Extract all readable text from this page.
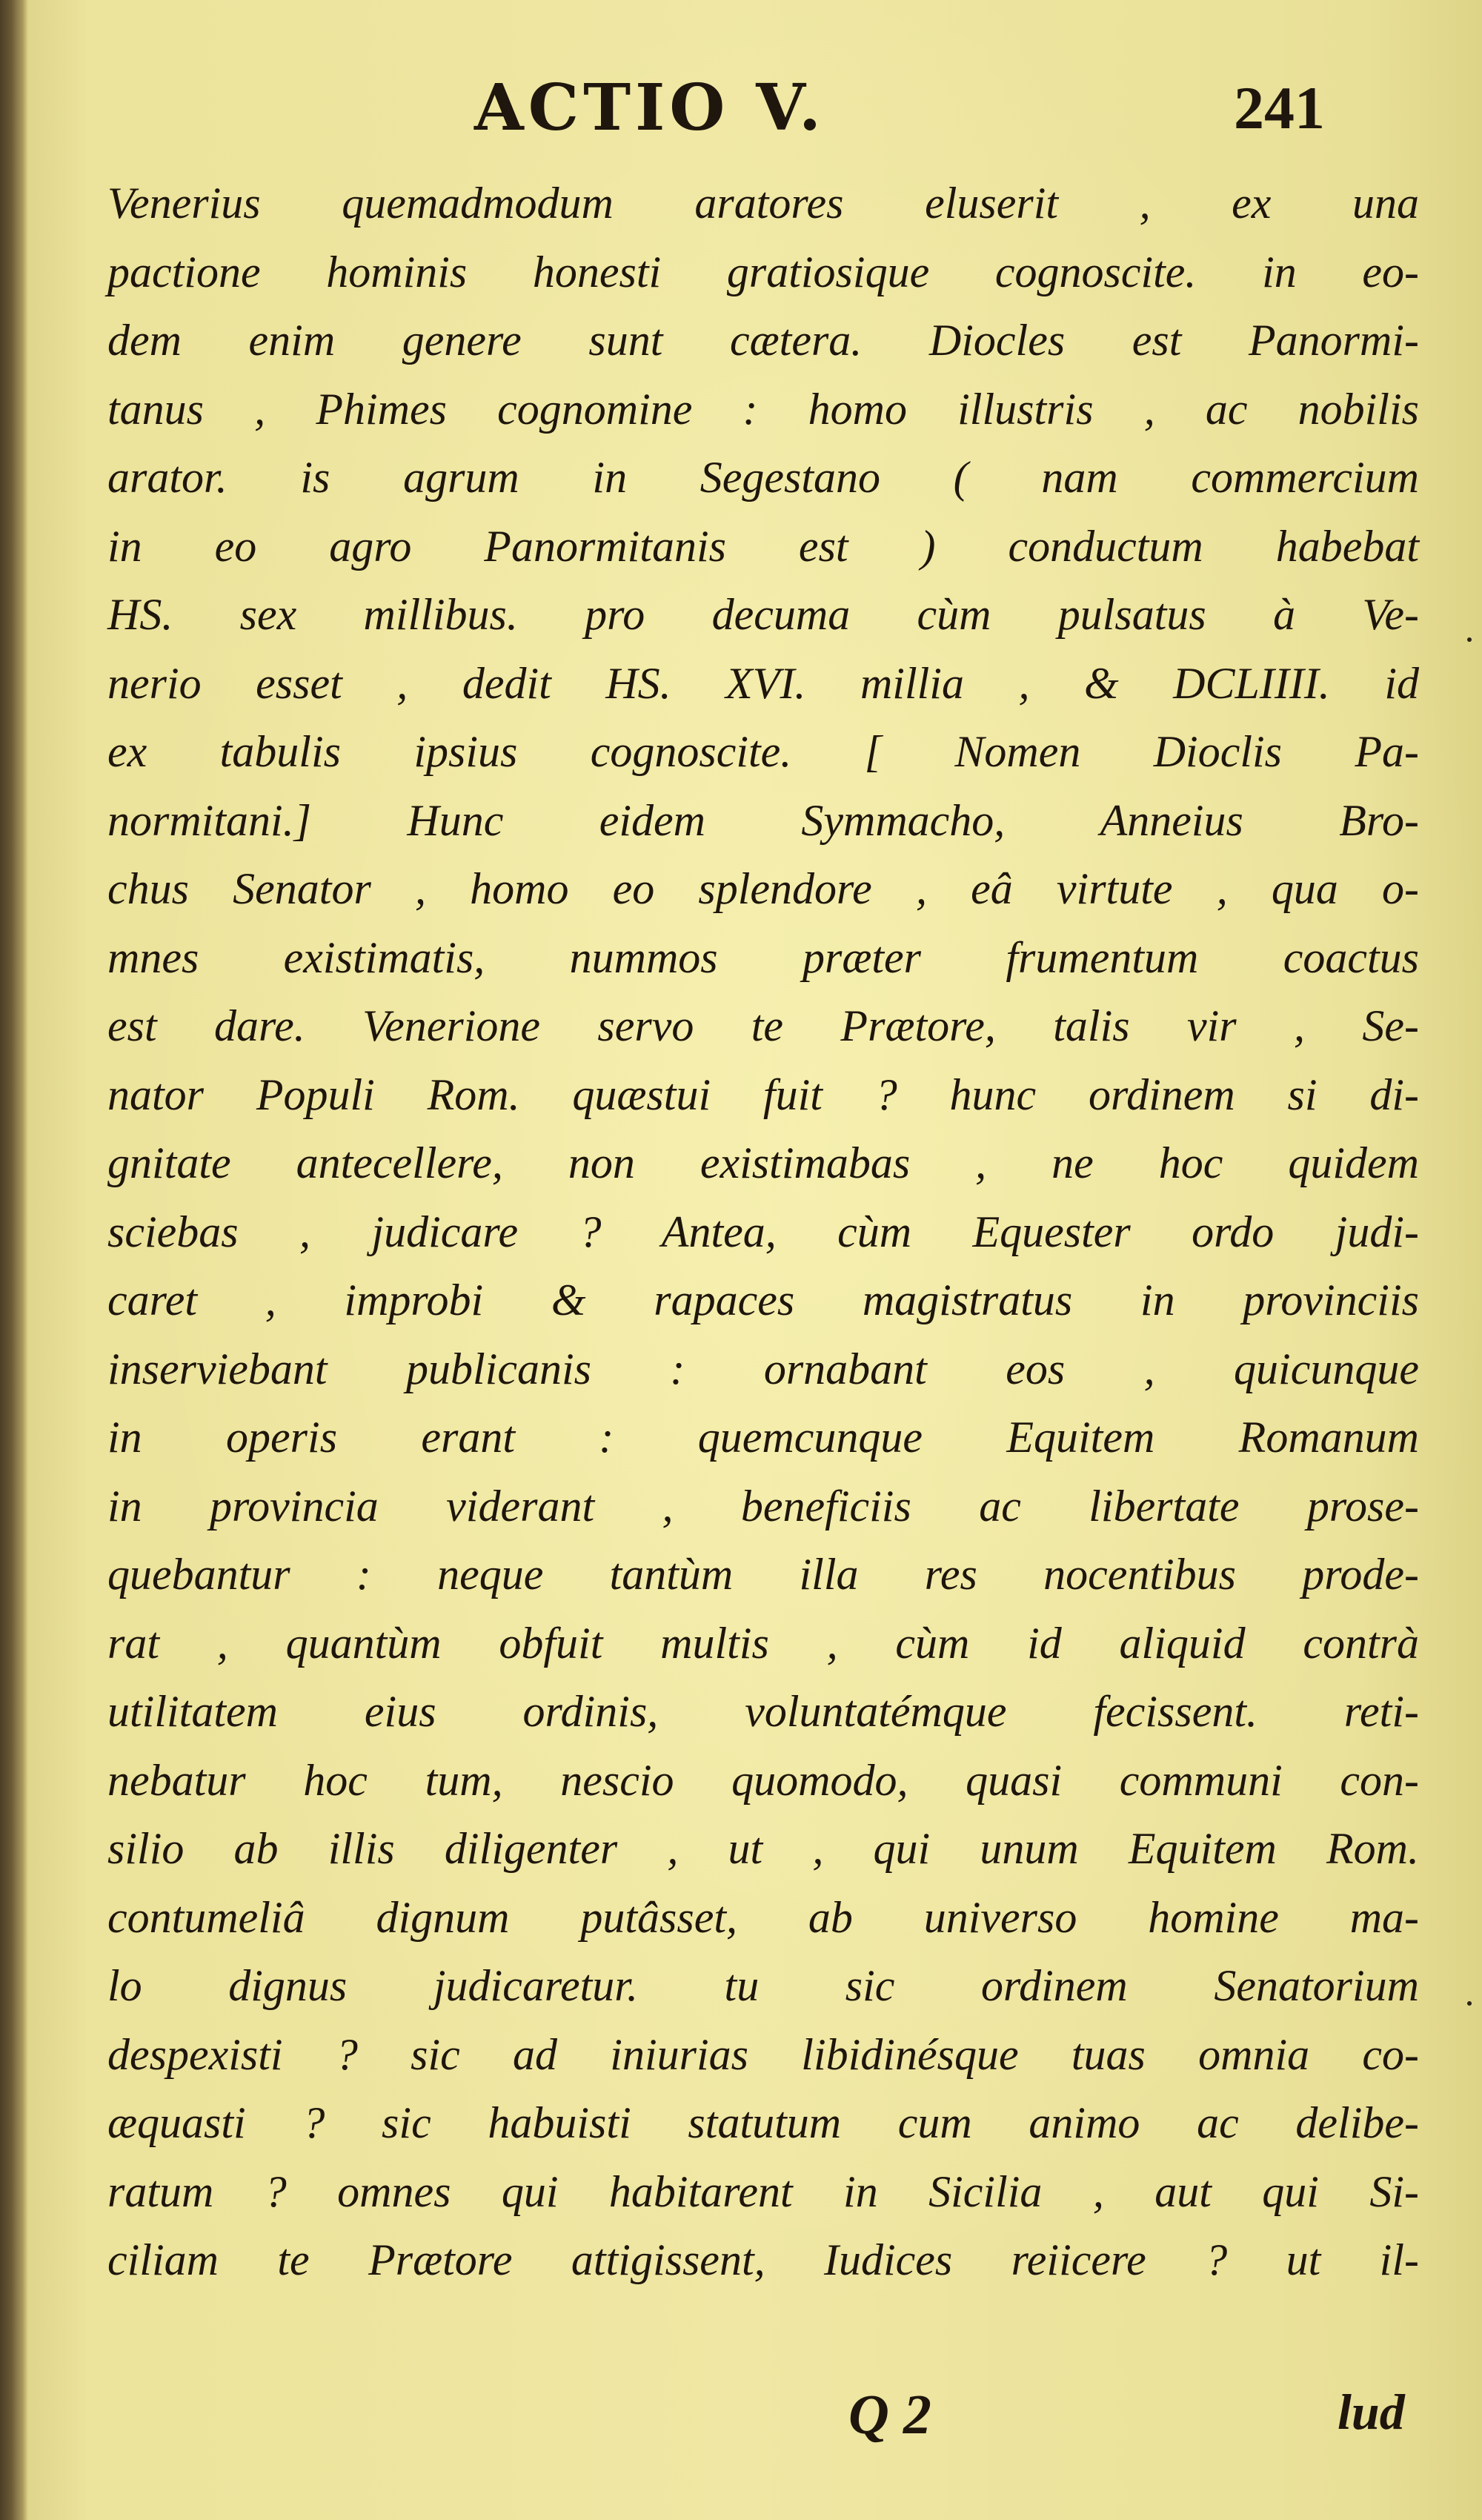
ACTIO V.	241
Venerius quemadmodum aratores eluserit , ex una
pactione hominis honesti gratiosique cognoscite. in eo-
dem enim genere sunt cætera. Diocles est Panormi-
tanus , Phimes cognomine : homo illustris , ac nobilis
arator. is agrum in Segestano ( nam commercium
in eo agro Panormitanis est ) conductum habebat
HS. sex millibus. pro decuma cùm pulsatus à Ve-
nerio esset , dedit HS. XVI. millia , & DCLIIII. id
ex tabulis ipsius cognoscite. [ Nomen Dioclis Pa-
normitani.] Hunc eidem Symmacho, Anneius Bro-
chus Senator , homo eo splendore , eâ virtute , qua o-
mnes existimatis, nummos præter frumentum coactus
est dare. Venerione servo te Prætore, talis vir , Se-
nator Populi Rom. quæstui fuit ? hunc ordinem si di-
gnitate antecellere, non existimabas , ne hoc quidem
sciebas , judicare ? Antea, cùm Equester ordo judi-
caret , improbi & rapaces magistratus in provinciis
inserviebant publicanis : ornabant eos , quicunque
in operis erant : quemcunque Equitem Romanum
in provincia viderant , beneficiis ac libertate prose-
quebantur : neque tantùm illa res nocentibus prode-
rat , quantùm obfuit multis , cùm id aliquid contrà
utilitatem eius ordinis, voluntatémque fecissent. reti-
nebatur hoc tum, nescio quomodo, quasi communi con-
silio ab illis diligenter , ut , qui unum Equitem Rom.
contumeliâ dignum putâsset, ab universo homine ma-
lo dignus judicaretur. tu sic ordinem Senatorium
despexisti ? sic ad iniurias libidinésque tuas omnia co-
æquasti ? sic habuisti statutum cum animo ac delibe-
ratum ? omnes qui habitarent in Sicilia , aut qui Si-
ciliam te Prætore attigissent, Iudices reiicere ? ut il-
Q 2	lud
